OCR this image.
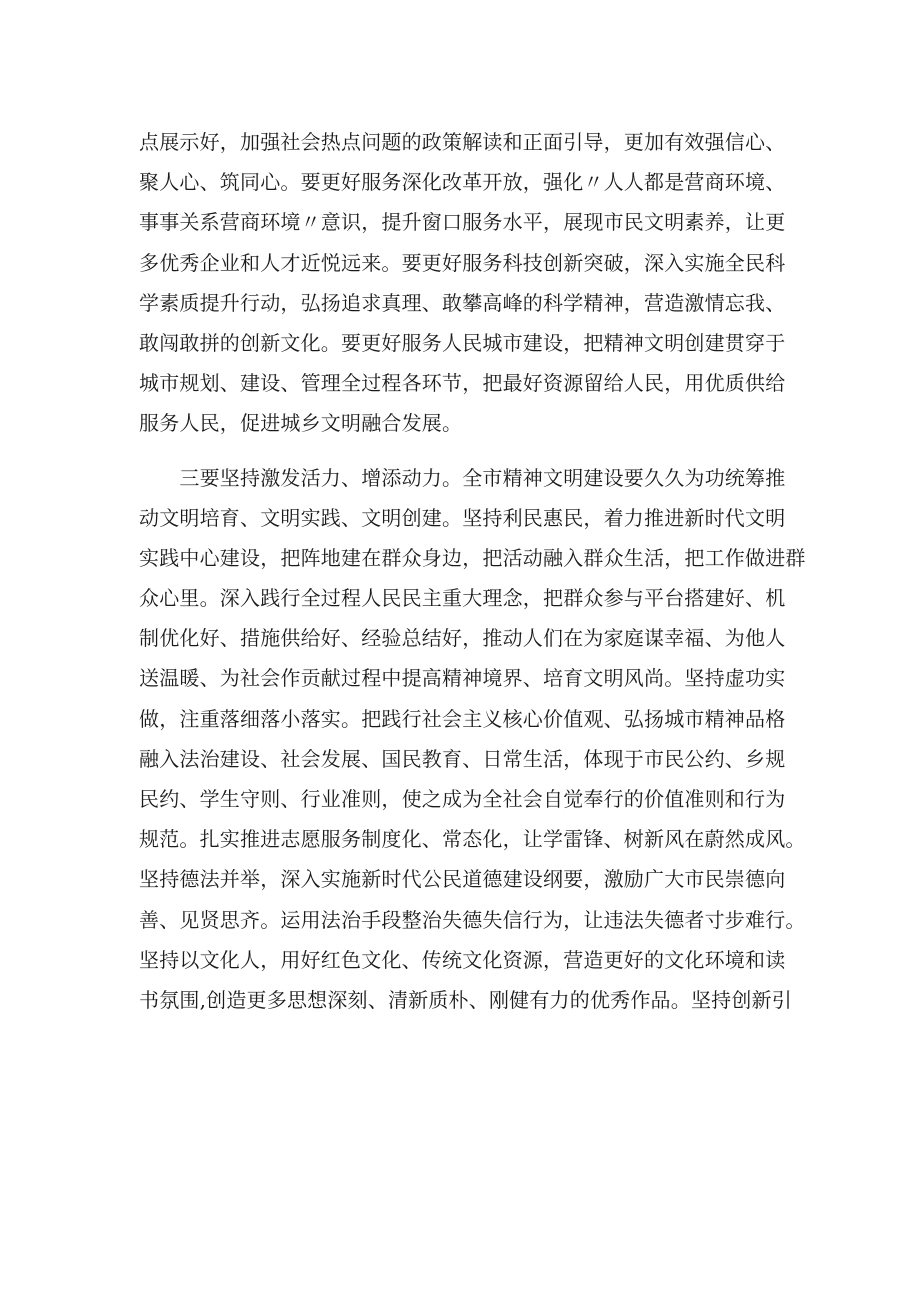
点展示好，加强社会热点问题的政策解读和正面引导，更加有效强信心、
聚人心、筑同心。要更好服务深化改革开放，强化〃人人都是营商环境、
事事关系营商环境〃意识，提升窗口服务水平，展现市民文明素养，让更
多优秀企业和人才近悦远来。要更好服务科技创新突破，深入实施全民科
学素质提升行动，弘扬追求真理、敢攀高峰的科学精神，营造激情忘我、
敢闯敢拼的创新文化。要更好服务人民城市建设，把精神文明创建贯穿于
城市规划、建设、管理全过程各环节，把最好资源留给人民，用优质供给
服务人民，促进城乡文明融合发展。
　　三要坚持激发活力、增添动力。全市精神文明建设要久久为功统筹推
动文明培育、文明实践、文明创建。坚持利民惠民，着力推进新时代文明
实践中心建设，把阵地建在群众身边，把活动融入群众生活，把工作做进群
众心里。深入践行全过程人民民主重大理念，把群众参与平台搭建好、机
制优化好、措施供给好、经验总结好，推动人们在为家庭谋幸福、为他人
送温暖、为社会作贡献过程中提高精神境界、培育文明风尚。坚持虚功实
做，注重落细落小落实。把践行社会主义核心价值观、弘扬城市精神品格
融入法治建设、社会发展、国民教育、日常生活，体现于市民公约、乡规
民约、学生守则、行业准则，使之成为全社会自觉奉行的价值准则和行为
规范。扎实推进志愿服务制度化、常态化，让学雷锋、树新风在蔚然成风。
坚持德法并举，深入实施新时代公民道德建设纲要，激励广大市民崇德向
善、见贤思齐。运用法治手段整治失德失信行为，让违法失德者寸步难行。
坚持以文化人，用好红色文化、传统文化资源，营造更好的文化环境和读
书氛围,创造更多思想深刻、清新质朴、刚健有力的优秀作品。坚持创新引
